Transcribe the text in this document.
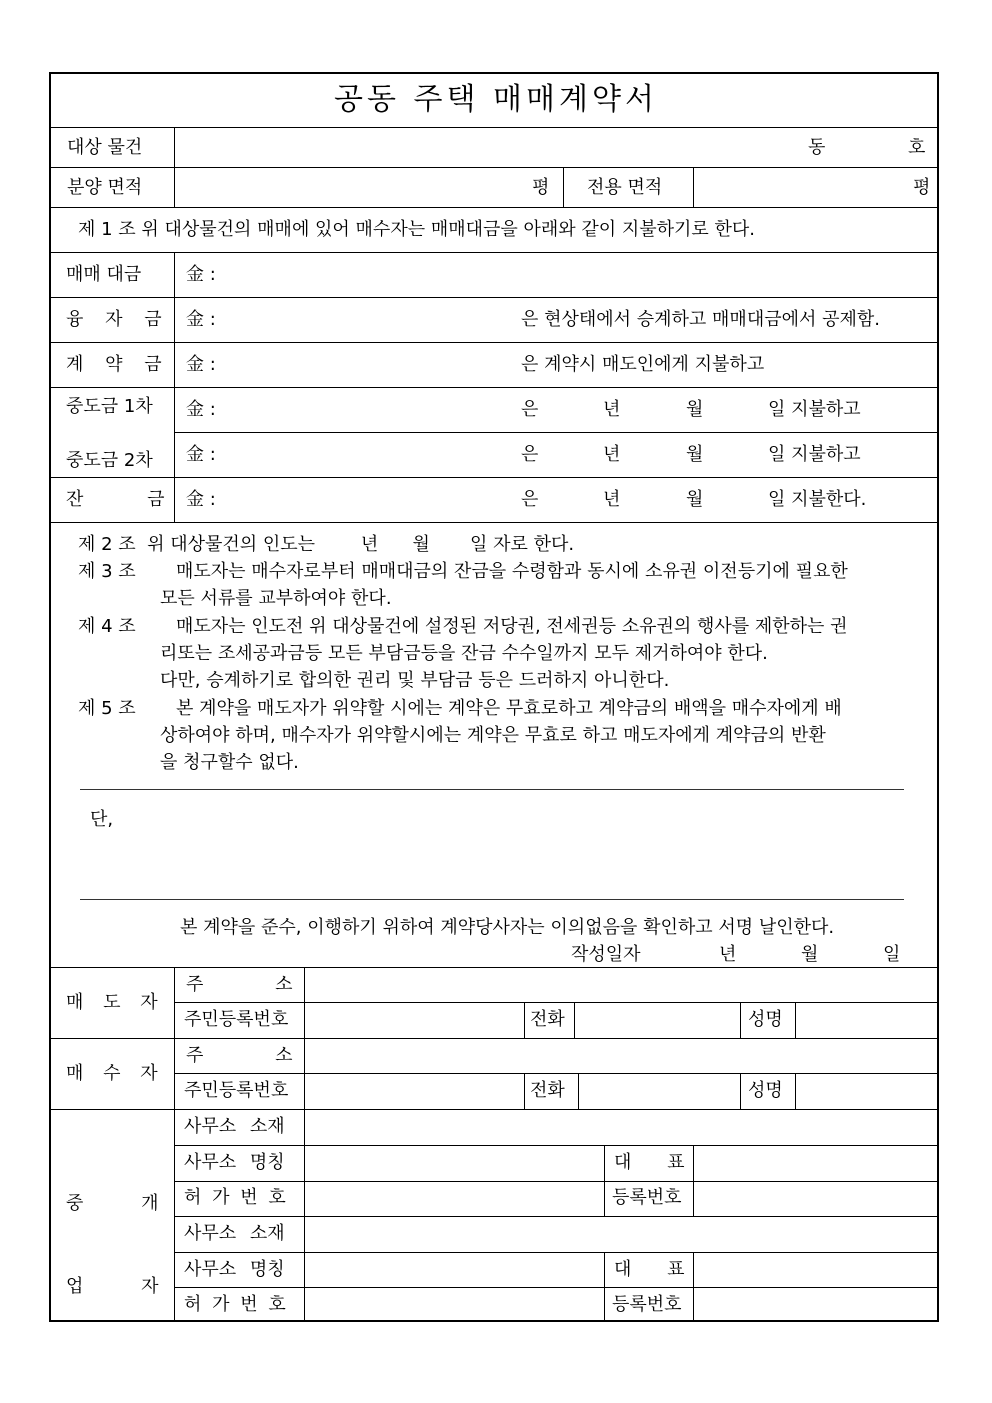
공동 주택 매매계약서
대상 물건	동	호
분양 면적	평 전용 면적	평
제 1 조 위 대상물건의 매매에 있어 매수자는 매매대금을 아래와 같이 지불하기로 한다.
매매 대금	金 :
융 자 금 金 :	은 현상태에서 승계하고 매매대금에서 공제함.
계 약 금 金 :	은 계약시 매도인에게 지불하고
중도금 1차 金 :	은	년	월	일 지불하고
중도금 2차 金 :	은	년	월	일 지불하고
잔 금 金 :	은	년	월	일 지불한다.
제 2 조  위 대상물건의 인도는        년      월       일 자로 한다.
제 3 조 매도자는 매수자로부터 매매대금의 잔금을 수령함과 동시에 소유권 이전등기에 필요한
모든 서류를 교부하여야 한다.
제 4 조 매도자는 인도전 위 대상물건에 설정된 저당권, 전세권등 소유권의 행사를 제한하는 권
리또는 조세공과금등 모든 부담금등을 잔금 수수일까지 모두 제거하여야 한다.
다만, 승계하기로 합의한 권리 및 부담금 등은 드러하지 아니한다.
제 5 조 본 계약을 매도자가 위약할 시에는 계약은 무효로하고 계약금의 배액을 매수자에게 배
상하여야 하며, 매수자가 위약할시에는 계약은 무효로 하고 매도자에게 계약금의 반환
을 청구할수 없다.
단,
본 계약을 준수, 이행하기 위하여 계약당사자는 이의없음을 확인하고 서명 날인한다.
작성일자	년	월	일
매 도 자
주 소
주민등록번호	전화	성명
매 수 자
주 소
주민등록번호	전화	성명
중 개
업 자
사무소 소재
사무소 명칭	대 표
허 가 번 호	등록번호
사무소 소재
사무소 명칭	대 표
허 가 번 호	등록번호
